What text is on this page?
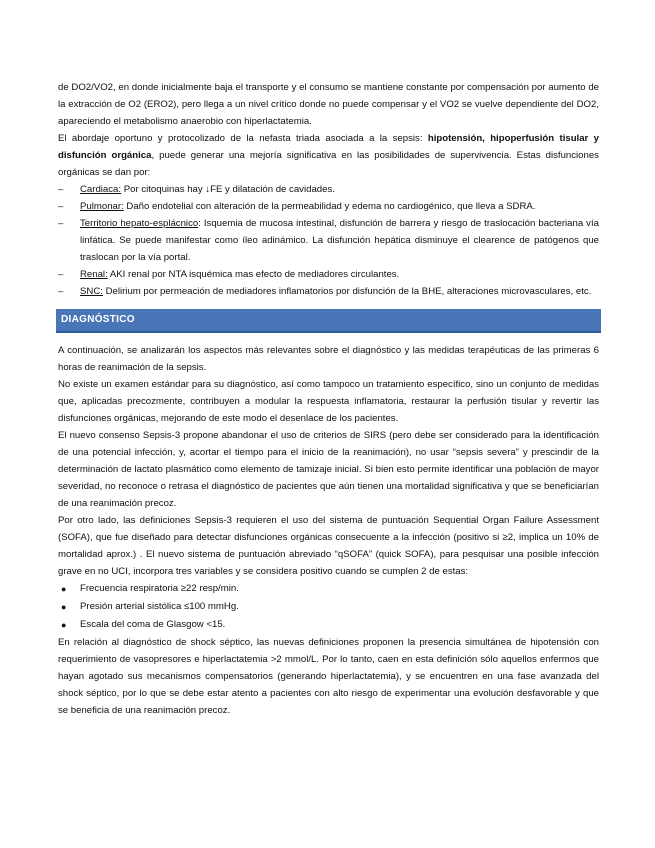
de DO2/VO2, en donde inicialmente baja el transporte y el consumo se mantiene constante por compensación por aumento de la extracción de O2 (ERO2), pero llega a un nivel crítico donde no puede compensar y el VO2 se vuelve dependiente del DO2, apareciendo el metabolismo anaerobio con hiperlactatemia.

El abordaje oportuno y protocolizado de la nefasta triada asociada a la sepsis: hipotensión, hipoperfusión tisular y disfunción orgánica, puede generar una mejoría significativa en las posibilidades de supervivencia. Estas disfunciones orgánicas se dan por:

– Cardiaca: Por citoquinas hay ↓FE y dilatación de cavidades.
– Pulmonar: Daño endotelial con alteración de la permeabilidad y edema no cardiogénico, que lleva a SDRA.
– Territorio hepato-esplácnico: Isquemia de mucosa intestinal, disfunción de barrera y riesgo de traslocación bacteriana vía linfática. Se puede manifestar como íleo adinámico. La disfunción hepática disminuye el clearence de patógenos que traslocan por la vía portal.
– Renal: AKI renal por NTA isquémica mas efecto de mediadores circulantes.
– SNC: Delirium por permeación de mediadores inflamatorios por disfunción de la BHE, alteraciones microvasculares, etc.
DIAGNÓSTICO

A continuación, se analizarán los aspectos más relevantes sobre el diagnóstico y las medidas terapéuticas de las primeras 6 horas de reanimación de la sepsis.

No existe un examen estándar para su diagnóstico, así como tampoco un tratamiento específico, sino un conjunto de medidas que, aplicadas precozmente, contribuyen a modular la respuesta inflamatoria, restaurar la perfusión tisular y revertir las disfunciones orgánicas, mejorando de este modo el desenlace de los pacientes.

El nuevo consenso Sepsis-3 propone abandonar el uso de criterios de SIRS (pero debe ser considerado para la identificación de una potencial infección, y, acortar el tiempo para el inicio de la reanimación), no usar “sepsis severa” y prescindir de la determinación de lactato plasmático como elemento de tamizaje inicial. Si bien esto permite identificar una población de mayor severidad, no reconoce o retrasa el diagnóstico de pacientes que aún tienen una mortalidad significativa y que se beneficiarían de una reanimación precoz.

Por otro lado, las definiciones Sepsis-3 requieren el uso del sistema de puntuación Sequential Organ Failure Assessment (SOFA), que fue diseñado para detectar disfunciones orgánicas consecuente a la infección (positivo si ≥2, implica un 10% de mortalidad aprox.) . El nuevo sistema de puntuación abreviado “qSOFA” (quick SOFA), para pesquisar una posible infección grave en no UCI, incorpora tres variables y se considera positivo cuando se cumplen 2 de estas:

● Frecuencia respiratoria ≥22 resp/min.
● Presión arterial sistólica ≤100 mmHg.
● Escala del coma de Glasgow <15.

En relación al diagnóstico de shock séptico, las nuevas definiciones proponen la presencia simultánea de hipotensión con requerimiento de vasopresores e hiperlactatemia >2 mmol/L. Por lo tanto, caen en esta definición sólo aquellos enfermos que hayan agotado sus mecanismos compensatorios (generando hiperlactatemia), y se encuentren en una fase avanzada del shock séptico, por lo que se debe estar atento a pacientes con alto riesgo de experimentar una evolución desfavorable y que se beneficia de una reanimación precoz.
